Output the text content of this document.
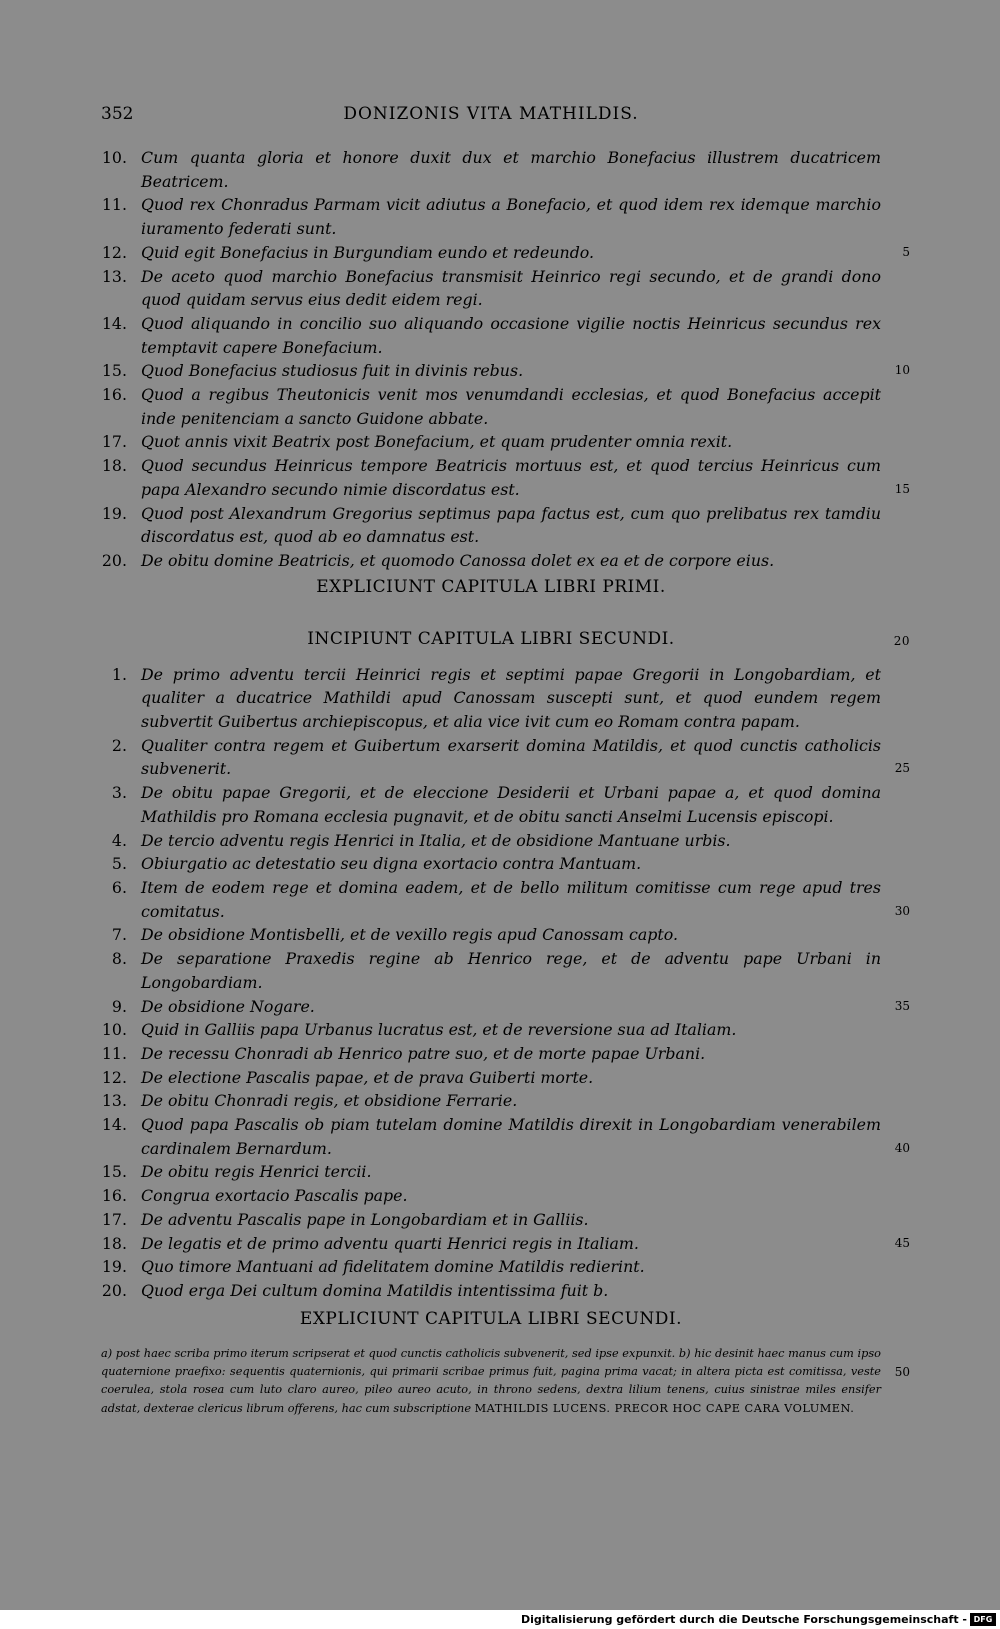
352	DONIZONIS VITA MATHILDIS.
10. Cum quanta gloria et honore duxit dux et marchio Bonefacius illustrem ducatricem Beatricem.
11. Quod rex Chonradus Parmam vicit adiutus a Bonefacio, et quod idem rex idemque marchio iuramento federati sunt.
12. Quid egit Bonefacius in Burgundiam eundo et redeundo.	5
13. De aceto quod marchio Bonefacius transmisit Heinrico regi secundo, et de grandi dono quod quidam servus eius dedit eidem regi.
14. Quod aliquando in concilio suo aliquando occasione vigilie noctis Heinricus secundus rex temptavit capere Bonefacium.
15. Quod Bonefacius studiosus fuit in divinis rebus.	10
16. Quod a regibus Theutonicis venit mos venumdandi ecclesias, et quod Bonefacius accepit inde penitenciam a sancto Guidone abbate.
17. Quot annis vixit Beatrix post Bonefacium, et quam prudenter omnia rexit.
18. Quod secundus Heinricus tempore Beatricis mortuus est, et quod tercius Heinricus cum papa Alexandro secundo nimie discordatus est.	15
19. Quod post Alexandrum Gregorius septimus papa factus est, cum quo prelibatus rex tamdiu discordatus est, quod ab eo damnatus est.
20. De obitu domine Beatricis, et quomodo Canossa dolet ex ea et de corpore eius.
EXPLICIUNT CAPITULA LIBRI PRIMI.
INCIPIUNT CAPITULA LIBRI SECUNDI.	20
1. De primo adventu tercii Heinrici regis et septimi papae Gregorii in Longobardiam, et qualiter a ducatrice Mathildi apud Canossam suscepti sunt, et quod eundem regem subvertit Guibertus archiepiscopus, et alia vice ivit cum eo Romam contra papam.
2. Qualiter contra regem et Guibertum exarserit domina Matildis, et quod cunctis catholicis subvenerit.	25
3. De obitu papae Gregorii, et de eleccione Desiderii et Urbani papae a, et quod domina Mathildis pro Romana ecclesia pugnavit, et de obitu sancti Anselmi Lucensis episcopi.
4. De tercio adventu regis Henrici in Italia, et de obsidione Mantuane urbis.
5. Obiurgatio ac detestatio seu digna exortacio contra Mantuam.
6. Item de eodem rege et domina eadem, et de bello militum comitisse cum rege apud tres comitatus.	30
7. De obsidione Montisbelli, et de vexillo regis apud Canossam capto.
8. De separatione Praxedis regine ab Henrico rege, et de adventu pape Urbani in Longobardiam.
9. De obsidione Nogare.	35
10. Quid in Galliis papa Urbanus lucratus est, et de reversione sua ad Italiam.
11. De recessu Chonradi ab Henrico patre suo, et de morte papae Urbani.
12. De electione Pascalis papae, et de prava Guiberti morte.
13. De obitu Chonradi regis, et obsidione Ferrarie.
14. Quod papa Pascalis ob piam tutelam domine Matildis direxit in Longobardiam venerabilem cardinalem Bernardum.	40
15. De obitu regis Henrici tercii.
16. Congrua exortacio Pascalis pape.
17. De adventu Pascalis pape in Longobardiam et in Galliis.
18. De legatis et de primo adventu quarti Henrici regis in Italiam.	45
19. Quo timore Mantuani ad fidelitatem domine Matildis redierint.
20. Quod erga Dei cultum domina Matildis intentissima fuit b.
EXPLICIUNT CAPITULA LIBRI SECUNDI.
a) post haec scriba primo iterum scripserat et quod cunctis catholicis subvenerit, sed ipse expunxit. b) hic desinit haec manus cum ipso quaternione praefixo: sequentis quaternionis, qui primarii scribae primus fuit, pagina prima vacat; in altera picta est comitissa, veste coerulea, stola rosea cum luto claro aureo, pileo aureo acuto, in throno sedens, dextra lilium tenens, cuius sinistrae miles ensifer adstat, dexterae clericus librum offerens, hac cum subscriptione MATHILDIS LUCENS. PRECOR HOC CAPE CARA VOLUMEN.
50
Digitalisierung gefördert durch die Deutsche Forschungsgemeinschaft - DFG
